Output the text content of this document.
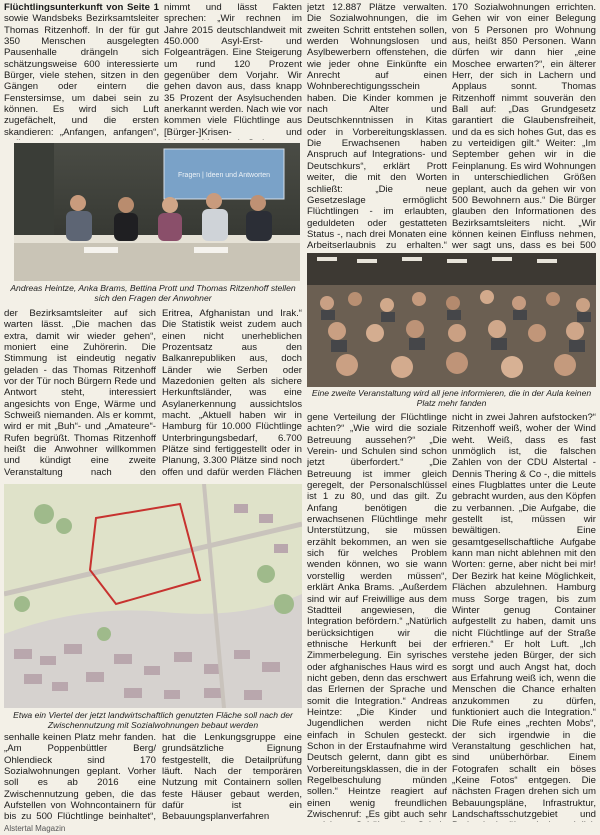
Flüchtlingsunterkunft von Seite 1 sowie Wandsbeks Bezirksamtsleiter Thomas Ritzenhoff. In der für gut 350 Menschen ausgelegten Pausenhalle drängeln sich schätzungsweise 600 interessierte Bürger, viele stehen, sitzen in den Gängen oder eintern die Fenstersimse, um dabei sein zu können. Es wird sich Luft zugefächelt, und die ersten skandieren: „Anfangen, anfangen“,

nimmt und lässt Fakten sprechen: „Wir rechnen im Jahre 2015 deutschlandweit mit 450.000 Asyl-Erst- und Folgeanträgen. Eine Steigerung um rund 120 Prozent gegenüber dem Vorjahr. Wir gehen davon aus, dass knapp 35 Prozent der Asylsuchenden anerkannt werden. Nach wie vor kommen viele Flüchtlinge aus [Bürger-]Krisen- und

jetzt 12.887 Plätze verwalten. Die Sozialwohnungen, die im zweiten Schritt entstehen sollen, werden Wohnungslosen und Asylbewerbern offenstehen, die wie jeder ohne Einkünfte ein Anrecht auf einen Wohnberechtigungsschein haben. Die Kinder kommen je nach Alter und Deutschkenntnissen in Kitas oder in Vorbereitungsklassen. Die Erwachsenen haben Anspruch auf Integrations- und Deutschkurs“, erklärt Prott weiter, die mit den Worten schließt: „Die neue Gesetzeslage ermöglicht Flüchtlingen - im erlaubten, geduldeten oder gestatteten Status -, nach drei Monaten eine Arbeitserlaubnis zu erhalten.“

170 Sozialwohnungen errichten. Gehen wir von einer Belegung von 5 Personen pro Wohnung aus, heißt 850 Personen. Wann dürfen wir dann hier „eine Moschee erwarten?“, ein älterer Herr, der sich in Lachern und Applaus sonnt. Thomas Ritzenhoff nimmt souverän den Ball auf: „Das Grundgesetz garantiert die Glaubensfreiheit, und da es sich hohes Gut, das es zu verteidigen gilt.“ Weiter: „Im September gehen wir in die Feinplanung. Es wird Wohnungen in unterschiedlichen Größen geplant, auch da gehen wir von 500 Bewohnern aus.“ Die Bürger glauben den Informationen des Bezirksamtsleiters nicht. „Wir können keinen Einfluss nehmen, wer sagt uns, dass es bei 500

Fragen | Ideen und Antworten
Andreas Heintze, Anka Brams, Bettina Prott und Thomas Ritzenhoff stellen sich den Fragen der Anwohner
Eine zweite Veranstaltung wird all jene informieren, die in der Aula keinen Platz mehr fanden

der Bezirksamtsleiter auf sich warten lässt. „Die machen das extra, damit wir wieder gehen“, moniert eine Zuhörerin. Die Stimmung ist eindeutig negativ geladen - das Thomas Ritzenhoff vor der Tür noch Bürgern Rede und Antwort steht, interessiert angesichts von Enge, Wärme und Schweiß niemanden. Als er kommt, wird er mit „Buh“- und „Amateure“-Rufen begrüßt. Thomas Ritzenhoff heißt die Anwohner willkommen und kündigt eine zweite Veranstaltung nach den

Eritrea, Afghanistan und Irak.“ Die Statistik weist zudem auch einen nicht unerheblichen Prozentsatz aus den Balkanrepubliken aus, doch Länder wie Serben oder Mazedonien gelten als sichere Herkunftsländer, was eine Asylanerkennung aussichtslos macht. „Aktuell haben wir in Hamburg für 10.000 Flüchtlinge Unterbringungsbedarf, 6.700 Plätze sind fertiggestellt oder in Planung, 3.300 Plätze sind noch offen und dafür werden Flächen

gene Verteilung der Flüchtlinge achten?“ „Wie wird die soziale Betreuung aussehen?“ „Die Verein- und Schulen sind schon jetzt überfordert.“ „Die Betreuung ist immer gleich geregelt, der Personalschlüssel ist 1 zu 80, und das gilt. Zu Anfang benötigen die erwachsenen Flüchtlinge mehr Unterstützung, sie müssen erzählt bekommen, an wen sie sich für welches Problem wenden können, wo sie wann vorstellig werden müssen“, erklärt Anka Brams. „Außerdem sind wir auf Freiwillige aus dem Stadtteil angewiesen, die Integration befördern.“ „Natürlich berücksichtigen wir die ethnische Herkunft bei der Zimmerbelegung. Ein syrisches oder afghanisches Haus wird es nicht geben, denn das erschwert das Erlernen der Sprache und somit die Integration.“ Andreas Heintze: „Die Kinder und Jugendlichen werden nicht einfach in Schulen gesteckt. Schon in der Erstaufnahme wird Deutsch gelernt, dann gibt es Vorbereitungsklassen, die in der Regelbeschulung münden sollen.“ Heintze reagiert auf einen wenig freundlichen Zwischenruf: „Es gibt auch sehr

nicht in zwei Jahren aufstocken?“ Ritzenhoff weiß, woher der Wind weht. Weiß, dass es fast unmöglich ist, die falschen Zahlen von der CDU Alstertal - Dennis Thering & Co -, die mittels eines Flugblattes unter die Leute gebracht wurden, aus den Köpfen zu verbannen. „Die Aufgabe, die gestellt ist, müssen wir bewältigen. Eine gesamtgesellschaftliche Aufgabe kann man nicht ablehnen mit den Worten: gerne, aber nicht bei mir! Der Bezirk hat keine Möglichkeit, Flächen abzulehnen. Hamburg muss Sorge tragen, bis zum Winter genug Container aufgestellt zu haben, damit uns nicht Flüchtlinge auf der Straße erfrieren.“ Er holt Luft. „Ich verstehe jeden Bürger, der sich sorgt und auch Angst hat, doch aus Erfahrung weiß ich, wenn die Menschen die Chance erhalten anzukommen zu dürfen, funktioniert auch die Integration.“ Die Rufe eines „rechten Mobs“, der sich irgendwie in die Veranstaltung geschlichen hat, sind unüberhörbar. Einem Fotografen schallt ein böses „Keine Fotos“ entgegen. Die nächsten Fragen drehen sich um Bebauungspläne, Infrastruktur, Landschaftsschutzgebiet und

Etwa ein Viertel der jetzt landwirtschaftlich genutzten Fläche soll nach der Zwischennutzung mit Sozialwohnungen bebaut werden

senhalle keinen Platz mehr fanden. „Am Poppenbüttler Berg/ Ohlendieck sind 170 Sozialwohnungen geplant. Vorher soll es ab 2016 eine Zwischennutzung geben, die das Aufstellen von Wohncontainern für bis zu 500 Flüchtlinge beinhaltet“,

hat die Lenkungsgruppe eine grundsätzliche Eignung festgestellt, die Detailprüfung läuft. Nach der temporären Nutzung mit Containern sollen feste Häuser gebaut werden, dafür ist ein Bebauungsplanverfahren

Alstertal Magazin
